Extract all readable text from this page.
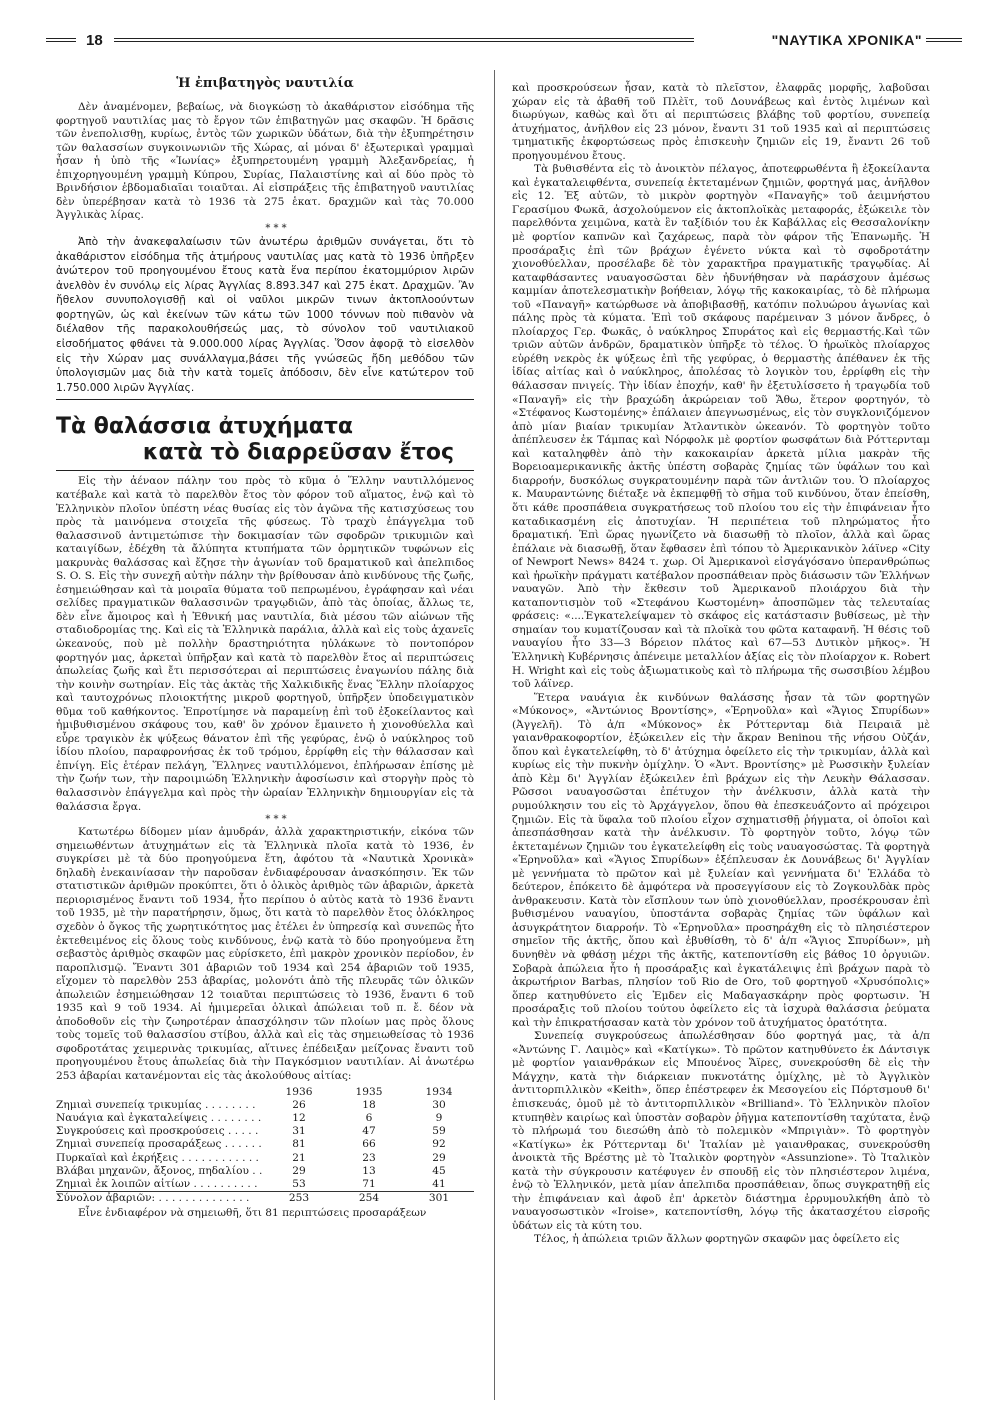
18	"ΝΑΥΤΙΚΑ ΧΡΟΝΙΚΑ"
Ἡ ἐπιβατηγὸς ναυτιλία

Δὲν ἀναμένομεν, βεβαίως, νὰ διογκώσῃ τὸ ἀκαθάριστον εἰσόδημα τῆς φορτηγοῦ ναυτιλίας μας τὸ ἔργον τῶν ἐπιβατηγῶν μας σκαφῶν. Ἡ δρᾶσις τῶν ἐνεπολισθῃ, κυρίως, ἐντὸς τῶν χωρικῶν ὑδάτων, διὰ τὴν ἐξυπηρέτησιν τῶν θαλασσίων συγκοινωνιῶν τῆς Χώρας, αἱ μόναι δ' ἐξωτερικαὶ γραμμαὶ ἦσαν ἡ ὑπὸ τῆς «Ἰωνίας» ἐξυπηρετουμένη γραμμὴ Ἀλεξανδρείας, ἡ ἐπιχορηγουμένη γραμμὴ Κύπρου, Συρίας, Παλαιστίνης καὶ αἱ δύο πρὸς τὸ Βρινδήσιον ἑβδομαδιαῖαι τοιαῦται. Αἱ εἰσπράξεις τῆς ἐπιβατηγοῦ ναυτιλίας δὲν ὑπερέβησαν κατὰ τὸ 1936 τὰ 275 ἑκατ. δραχμῶν καὶ τὰς 70.000 Ἀγγλικὰς λίρας.

* * *

Ἀπὸ τὴν ἀνακεφαλαίωσιν τῶν ἀνωτέρω ἀριθμῶν συνάγεται, ὅτι τὸ ἀκαθάριστον εἰσόδημα τῆς ἀτμήρους ναυτιλίας μας κατὰ τὸ 1936 ὑπῆρξεν ἀνώτερον τοῦ προηγουμένου ἔτους κατὰ ἕνα περίπου ἑκατομμύριον λιρῶν ἀνελθὸν ἐν συνόλῳ εἰς λίρας Ἀγγλίας 8.893.347 καὶ 275 ἑκατ. Δραχμῶν. Ἂν ἤθελον συνυπολογισθῇ καὶ οἱ ναῦλοι μικρῶν τινων ἀκτοπλοούντων φορτηγῶν, ὡς καὶ ἐκείνων τῶν κάτω τῶν 1000 τόννων ποὺ πιθανὸν νὰ διέλαθον τῆς παρακολουθήσεώς μας, τὸ σύνολον τοῦ ναυτιλιακοῦ εἰσοδήματος φθάνει τὰ 9.000.000 λίρας Ἀγγλίας. Ὅσον ἀφορᾷ τὸ εἰσελθὸν εἰς τὴν Χώραν μας συνάλλαγμα,βάσει τῆς γνώσεῶς ἤδη μεθόδου τῶν ὑπολογισμῶν μας διὰ τὴν κατὰ τομεῖς ἀπόδοσιν, δὲν εἶνε κατώτερον τοῦ 1.750.000 λιρῶν Ἀγγλίας.

Τὰ θαλάσσια ἀτυχήματα
κατὰ τὸ διαρρεῦσαν ἔτος

Εἰς τὴν ἀέναον πάλην του πρὸς τὸ κῦμα ὁ Ἕλλην ναυτιλλόμενος κατέβαλε καὶ κατὰ τὸ παρελθὸν ἔτος τὸν φόρον τοῦ αἵματος, ἐνῷ καὶ τὸ Ἑλληνικὸν πλοῖον ὑπέστη νέας θυσίας εἰς τὸν ἀγῶνα τῆς κατισχύσεως του πρὸς τὰ μαινόμενα στοιχεῖα τῆς φύσεως. Τὸ τραχὺ ἐπάγγελμα τοῦ θαλασσινοῦ ἀντιμετώπισε τὴν δοκιμασίαν τῶν σφοδρῶν τρικυμιῶν καὶ καταιγίδων, ἐδέχθη τὰ ἄλύπητα κτυπήματα τῶν ὁρμητικῶν τυφώνων εἰς μακρυνὰς θαλάσσας καὶ ἔζησε τὴν ἀγωνίαν τοῦ δραματικοῦ καὶ ἀπελπιδος S. O. S. Εἰς τὴν συνεχῆ αὐτὴν πάλην τὴν βρίθουσαν ἀπὸ κινδύνους τῆς ζωῆς, ἐσημειώθησαν καὶ τὰ μοιραῖα θύματα τοῦ πεπρωμένου, ἐγράφησαν καὶ νέαι σελίδες πραγματικῶν θαλασσινῶν τραγῳδιῶν, ἀπὸ τὰς ὁποίας, ἄλλως τε, δὲν εἶνε ἄμοιρος καὶ ἡ Ἐθνική μας ναυτιλία, διὰ μέσου τῶν αἰώνων τῆς σταδιοδρομίας της. Καὶ εἰς τὰ Ἑλληνικὰ παράλια, ἀλλὰ καὶ εἰς τοὺς ἀχανεῖς ὠκεανούς, ποὺ μὲ πολλὴν δραστηριότητα ηὐλάκωνε τὸ ποντοπόρον φορτηγόν μας, ἀρκεταὶ ὑπῆρξαν καὶ κατὰ τὸ παρελθὸν ἔτος αἱ περιπτώσεις ἀπωλείας ζωῆς καὶ ἔτι περισσότεραι αἱ περιπτώσεις ἐναγωνίου πάλης διὰ τὴν κοινὴν σωτηρίαν. Εἰς τὰς ἀκτὰς τῆς Χαλκιδικῆς ἕνας Ἕλλην πλοίαρχος καὶ ταυτοχρόνως πλοιοκτήτης μικροῦ φορτηγοῦ, ὑπῆρξεν ὑποδειγματικὸν θῦμα τοῦ καθήκοντος. Ἐπροτίμησε νὰ παραμείνῃ ἐπὶ τοῦ ἐξοκείλαντος καὶ ἡμιβυθισμένου σκάφους του, καθ' ὃν χρόνον ἔμαινετο ἡ χιονοθύελλα καὶ εὗρε τραγικὸν ἐκ ψύξεως θάνατον ἐπὶ τῆς γεφύρας, ἐνῷ ὁ ναύκληρος τοῦ ἰδίου πλοίου, παραφρονήσας ἐκ τοῦ τρόμου, ἐρρίφθη εἰς τὴν θάλασσαν καὶ ἐπνίγη. Εἰς ἑτέραν πελάγη, Ἕλληνες ναυτιλλόμενοι, ἐπλήρωσαν ἐπίσης μὲ τὴν ζωήν των, τὴν παροιμιώδη Ἑλληνικὴν ἀφοσίωσιν καὶ στοργὴν πρὸς τὸ θαλασσινὸν ἐπάγγελμα καὶ πρὸς τὴν ὡραίαν Ἑλληνικὴν δημιουργίαν εἰς τὰ θαλάσσια ἔργα.

* * *

Κατωτέρω δίδομεν μίαν ἀμυδράν, ἀλλὰ χαρακτηριστικήν, εἰκόνα τῶν σημειωθέντων ἀτυχημάτων εἰς τὰ Ἑλληνικὰ πλοῖα κατὰ τὸ 1936, ἐν συγκρίσει μὲ τὰ δύο προηγούμενα ἔτη, ἀφότου τὰ «Ναυτικὰ Χρονικὰ» δηλαδὴ ἐνεκαινίασαν τὴν παροῦσαν ἐνδιαφέρουσαν ἀνασκόπησιν. Ἐκ τῶν στατιστικῶν ἀριθμῶν προκύπτει, ὅτι ὁ ὁλικὸς ἀριθμὸς τῶν ἀβαριῶν, ἀρκετὰ περιορισμένος ἔναντι τοῦ 1934, ἦτο περίπου ὁ αὐτὸς κατὰ τὸ 1936 ἔναντι τοῦ 1935, μὲ τὴν παρατήρησιν, ὅμως, ὅτι κατὰ τὸ παρελθὸν ἔτος ὁλόκληρος σχεδὸν ὁ ὄγκος τῆς χωρητικότητος μας ἐτέλει ἐν ὑπηρεσίᾳ καὶ συνεπῶς ἦτο ἐκτεθειμένος εἰς ὅλους τοὺς κινδύνους, ἐνῷ κατὰ τὸ δύο προηγούμενα ἔτη σεβαστὸς ἀριθμὸς σκαφῶν μας εὑρίσκετο, ἐπὶ μακρὸν χρονικὸν περίοδον, ἐν παροπλισμῷ. Ἔναντι 301 ἀβαριῶν τοῦ 1934 καὶ 254 ἀβαριῶν τοῦ 1935, εἴχομεν τὸ παρελθὸν 253 ἀβαρίας, μολονότι ἀπὸ τῆς πλευρᾶς τῶν ὁλικῶν ἀπωλειῶν ἐσημειώθησαν 12 τοιαῦται περιπτώσεις τὸ 1936, ἔναντι 6 τοῦ 1935 καὶ 9 τοῦ 1934. Αἱ ἡμιμερεῖαι ὁλικαὶ ἀπώλειαι τοῦ π. ἔ. δέον νὰ ἀποδοθοῦν εἰς τὴν ζωηροτέραν ἀπασχόλησιν τῶν πλοίων μας πρὸς ὅλους τοὺς τομεῖς τοῦ θαλασσίου στίβου, ἀλλὰ καὶ εἰς τὰς σημειωθείσας τὸ 1936 σφοδροτάτας χειμερινὰς τρικυμίας, αἵτινες ἐπέδειξαν μείζονας ἔναντι τοῦ προηγουμένου ἔτους ἀπωλείας διὰ τὴν Παγκόσμιον ναυτιλίαν. Αἱ ἀνωτέρω 253 ἀβαρίαι κατανέμονται εἰς τὰς ἀκολούθους αἰτίας:

	1936	1935	1934
Ζημιαὶ συνεπείᾳ τρικυμίας . . . . . . . .	26	18	30
Ναυάγια καὶ ἐγκαταλείψεις . . . . . . . .	12	6	9
Συγκρούσεις καὶ προσκρούσεις . . . . .	31	47	59
Ζημιαὶ συνεπείᾳ προσαράξεως . . . . . .	81	66	92
Πυρκαϊαὶ καὶ ἐκρήξεις . . . . . . . . . . . .	21	23	29
Βλάβαι μηχανῶν, ἄξονος, πηδαλίου . .	29	13	45
Ζημιαὶ ἐκ λοιπῶν αἰτίων . . . . . . . . . .	53	71	41
Σύνολον ἀβαριῶν: . . . . . . . . . . . . . .	253	254	301

Εἶνε ἐνδιαφέρον νὰ σημειωθῆ, ὅτι 81 περιπτώσεις προσαράξεων

καὶ προσκρούσεων ἦσαν, κατὰ τὸ πλεῖστον, ἐλαφρᾶς μορφῆς, λαβοῦσαι χώραν εἰς τὰ ἀβαθῆ τοῦ Πλὲϊτ, τοῦ Δουνάβεως καὶ ἐντὸς λιμένων καὶ διωρύγων, καθὼς καὶ ὅτι αἱ περιπτώσεις βλάβης τοῦ φορτίου, συνεπείᾳ ἀτυχήματος, ἀνῆλθον εἰς 23 μόνον, ἔναντι 31 τοῦ 1935 καὶ αἱ περιπτώσεις τμηματικῆς ἐκφορτώσεως πρὸς ἐπισκευὴν ζημιῶν εἰς 19, ἔναντι 26 τοῦ προηγουμένου ἔτους.

Τὰ βυθισθέντα εἰς τὸ ἀνοικτὸν πέλαγος, ἀποτεφρωθέντα ἢ ἐξοκείλαντα καὶ ἐγκαταλειφθέντα, συνεπείᾳ ἐκτεταμένων ζημιῶν, φορτηγά μας, ἀνῆλθον εἰς 12. Ἐξ αὐτῶν, τὸ μικρὸν φορτηγὸν «Παναγῆς» τοῦ ἀειμνήστου Γερασίμου Φωκᾶ, ἀσχολούμενον εἰς ἀκτοπλοϊκὰς μεταφοράς, ἐξώκειλε τὸν παρελθόντα χειμῶνα, κατὰ ἓν ταξίδιόν του ἐκ Καβάλλας εἰς Θεσσαλονίκην μὲ φορτίον καπνῶν καὶ ζαχάρεως, παρὰ τὸν φάρον τῆς Ἐπανωμῆς. Ἡ προσάραξις ἐπὶ τῶν βράχων ἐγένετο νύκτα καὶ τὸ σφοδροτάτην χιονοθύελλαν, προσέλαβε δὲ τὸν χαρακτῆρα πραγματικῆς τραγῳδίας. Αἱ καταφθάσαντες ναυαγοσῶσται δὲν ἠδυνήθησαν νὰ παράσχουν ἀμέσως καμμίαν ἀποτελεσματικὴν βοήθειαν, λόγῳ τῆς κακοκαιρίας, τὸ δὲ πλήρωμα τοῦ «Παναγῆ» κατώρθωσε νὰ ἀποβιβασθῇ, κατόπιν πολυώρου ἀγωνίας καὶ πάλης πρὸς τὰ κύματα. Ἐπὶ τοῦ σκάφους παρέμειναν 3 μόνον ἄνδρες, ὁ πλοίαρχος Γερ. Φωκᾶς, ὁ ναύκληρος Σπυράτος καὶ εἰς θερμαστής.Καὶ τῶν τριῶν αὐτῶν ἀνδρῶν, δραματικὸν ὑπῆρξε τὸ τέλος. Ὁ ἡρωϊκὸς πλοίαρχος εὑρέθη νεκρὸς ἐκ ψύξεως ἐπὶ τῆς γεφύρας, ὁ θερμαστὴς ἀπέθανεν ἐκ τῆς ἰδίας αἰτίας καὶ ὁ ναύκληρος, ἀπολέσας τὸ λογικὸν του, ἐρρίφθη εἰς τὴν θάλασσαν πνιγείς. Τὴν ἰδίαν ἐποχήν, καθ' ἣν ἐξετυλίσσετο ἡ τραγῳδία τοῦ «Παναγῆ» εἰς τὴν βραχώδη ἀκρώρειαν τοῦ Ἄθω, ἕτερον φορτηγόν, τὸ «Στέφανος Κωστομένης» ἐπάλαιεν ἀπεγνωσμένως, εἰς τὸν συγκλονιζόμενον ἀπὸ μίαν βιαίαν τρικυμίαν Ἀτλαντικὸν ὠκεανόν. Τὸ φορτηγὸν τοῦτο ἀπέπλευσεν ἐκ Τάμπας καὶ Νόρφολκ μὲ φορτίον φωσφάτων διὰ Ρόττερνταμ καὶ καταληφθὲν ἀπὸ τὴν κακοκαιρίαν ἀρκετὰ μίλια μακρὰν τῆς Βορειοαμερικανικῆς ἀκτῆς ὑπέστη σοβαρὰς ζημίας τῶν ὑφάλων του καὶ διαρροήν, δυσκόλως συγκρατουμένην παρὰ τῶν ἀντλιῶν του. Ὁ πλοίαρχος κ. Μαυραντώνης διέταξε νὰ ἐκπεμφθῇ τὸ σῆμα τοῦ κινδύνου, ὅταν ἐπείσθη, ὅτι κάθε προσπάθεια συγκρατήσεως τοῦ πλοίου του εἰς τὴν ἐπιφάνειαν ἦτο καταδικασμένη εἰς ἀποτυχίαν. Ἡ περιπέτεια τοῦ πληρώματος ἦτο δραματική. Ἐπὶ ὥρας ηγωνίζετο νὰ διασωθῇ τὸ πλοῖον, ἀλλὰ καὶ ὥρας ἐπάλαιε νὰ διασωθῇ, ὅταν ἔφθασεν ἐπὶ τόπου τὸ Ἀμερικανικὸν λάϊνερ «City of Newport News» 8424 τ. χωρ. Οἱ Ἀμερικανοὶ εἰσγάγόσανο ὑπερανθρώπως καὶ ἡρωϊκὴν πράγματι κατέβαλον προσπάθειαν πρὸς διάσωσιν τῶν Ἑλλήνων ναυαγῶν. Ἀπὸ τὴν ἔκθεσιν τοῦ Ἀμερικανοῦ πλοιάρχου διὰ τὴν καταποντισμὸν τοῦ «Στεφάνου Κωστομένη» ἀποσπῶμεν τὰς τελευταίας φράσεις: «....Ἐγκατελείψαμεν τὸ σκάφος εἰς κατάστασιν βυθίσεως, μὲ τὴν σημαίαν του κυματίζουσαν καὶ τὰ πλοϊκὰ του φῶτα καταφανῆ. Ἡ θέσις τοῦ ναυαγίου ἦτο 33—3 Βόρειον πλάτος καὶ 67—53 Δυτικὸν μῆκος». Ἡ Ἑλληνικὴ Κυβέρνησις ἀπένειμε μεταλλίον ἀξίας εἰς τὸν πλοίαρχον κ. Robert H. Wright καὶ εἰς τοὺς ἀξιωματικοὺς καὶ τὸ πλήρωμα τῆς σωσσιβίου λέμβου τοῦ λάϊνερ.

Ἕτερα ναυάγια ἐκ κινδύνων θαλάσσης ἦσαν τὰ τῶν φορτηγῶν «Μύκονος», «Ἀντώνιος Βροντίσης», «Ἐρηνοῦλα» καὶ «Ἅγιος Σπυρίδων» (Ἀγγελῆ). Τὸ ἀ/π «Μύκονος» ἐκ Ρόττερνταμ διὰ Πειραιᾶ μὲ γαιανθρακοφορτίον, ἐξώκειλεν εἰς τὴν ἄκραν Beninou τῆς νήσου Οὐζάν, ὅπου καὶ ἐγκατελείφθη, τὸ δ' ἀτύχημα ὀφείλετο εἰς τὴν τρικυμίαν, ἀλλὰ καὶ κυρίως εἰς τὴν πυκνὴν ὁμίχλην. Ὁ «Ἀντ. Βροντίσης» μὲ Ρωσσικὴν ξυλείαν ἀπὸ Κὲμ δι' Ἀγγλίαν ἐξώκειλεν ἐπὶ βράχων εἰς τὴν Λευκὴν Θάλασσαν. Ρῶσσοι ναυαγοσῶσται ἐπέτυχον τὴν ἀνέλκυσιν, ἀλλὰ κατὰ τὴν ρυμούλκησιν του εἰς τὸ Ἀρχάγγελον, ὅπου θὰ ἐπεσκευάζοντο αἱ πρόχειροι ζημιῶν. Εἰς τὰ ὕφαλα τοῦ πλοίου εἶχον σχηματισθῇ ῥήγματα, οἱ ὁποῖοι καὶ ἀπεσπάσθησαν κατὰ τὴν ἀνέλκυσιν. Τὸ φορτηγὸν τοῦτο, λόγῳ τῶν ἐκτεταμένων ζημιῶν του ἐγκατελείφθη εἰς τοὺς ναυαγοσώστας. Τὰ φορτηγὰ «Ἐρηνοῦλα» καὶ «Ἅγιος Σπυρίδων» ἐξέπλευσαν ἐκ Δουνάβεως δι' Ἀγγλίαν μὲ γεννήματα τὸ πρῶτον καὶ μὲ ξυλείαν καὶ γεννήματα δι' Ἑλλάδα τὸ δεύτερον, ἐπόκειτο δὲ ἀμφότερα νὰ προσεγγίσουν εἰς τὸ Ζογκουλδὰκ πρὸς ἀνθρακευσιν. Κατὰ τὸν εἴσπλουν των ὑπὸ χιονοθύελλαν, προσέκρουσαν ἐπὶ βυθισμένου ναυαγίου, ὑποστάντα σοβαρὰς ζημίας τῶν ὑφάλων καὶ ἀσυγκράτητον διαρροήν. Τὸ «Ἐρηνοῦλα» προσηράχθη εἰς τὸ πλησιέστερον σημεῖον τῆς ἀκτῆς, ὅπου καὶ ἐβυθίσθη, τὸ δ' ἀ/π «Ἅγιος Σπυρίδων», μὴ δυνηθὲν νὰ φθάσῃ μέχρι τῆς ἀκτῆς, κατεποντίσθη εἰς βάθος 10 ὀργυιῶν. Σοβαρὰ ἀπώλεια ἦτο ἡ προσάραξις καὶ ἐγκατάλειψις ἐπὶ βράχων παρὰ τὸ ἀκρωτήριον Barbas, πλησίον τοῦ Rio de Oro, τοῦ φορτηγοῦ «Χρυσόπολις» ὅπερ κατηυθύνετο εἰς Ἐμδεν εἰς Μαδαγασκάρην πρὸς φορτωσιν. Ἡ προσάραξις τοῦ πλοίου τούτου ὀφείλετο εἰς τὰ ἰσχυρὰ θαλάσσια ῥεύματα καὶ τὴν ἐπικρατήσασαν κατὰ τὸν χρόνον τοῦ ἀτυχήματος ὁρατότητα.

Συνεπείᾳ συγκρούσεως ἀπωλέσθησαν δύο φορτηγά μας, τὰ ἀ/π «Ἀντώνης Γ. Λαιμὸς» καὶ «Κατίγκω». Τὸ πρῶτον κατηυθύνετο ἐκ Δάντσιγκ μὲ φορτίον γαιανθράκων εἰς Μπουένος Ἄϊρες, συνεκρούσθη δὲ εἰς τὴν Μάγχην, κατὰ τὴν διάρκειαν πυκνοτάτης ὁμίχλης, μὲ τὸ Ἀγγλικὸν ἀντιτορπιλλικὸν «Keith», ὅπερ ἐπέστρεφεν ἐκ Μεσογείου εἰς Πόρτσμουθ δι' ἐπισκευάς, ὁμοῦ μὲ τὸ ἀντιτορπιλλικὸν «Brilliand». Τὸ Ἑλληνικὸν πλοῖον κτυπηθὲν καιρίως καὶ ὑποστὰν σοβαρὸν ῥῆγμα κατεποντίσθη ταχύτατα, ἐνῷ τὸ πλήρωμά του διεσώθη ἀπὸ τὸ πολεμικὸν «Μπριγιὰν». Τὸ φορτηγὸν «Κατίγκω» ἐκ Ρόττερνταμ δι' Ἰταλίαν μὲ γαιανθρακας, συνεκρούσθη ἀνοικτὰ τῆς Βρέστης μὲ τὸ Ἰταλικὸν φορτηγὸν «Assunzione». Τὸ Ἰταλικὸν κατὰ τὴν σύγκρουσιν κατέφυγεν ἐν σπουδῇ εἰς τὸν πλησιέστερον λιμένα, ἐνῷ τὸ Ἑλληνικόν, μετὰ μίαν ἀπελπιδα προσπάθειαν, ὅπως συγκρατηθῇ εἰς τὴν ἐπιφάνειαν καὶ ἀφοῦ ἐπ' ἀρκετὸν διάστημα ἐρρυμουλκήθη ἀπὸ τὸ ναυαγοσωστικὸν «Iroise», κατεποντίσθη, λόγῳ τῆς ἀκατασχέτου εἰσροῆς ὑδάτων εἰς τὰ κύτη του.

Τέλος, ἡ ἀπώλεια τριῶν ἄλλων φορτηγῶν σκαφῶν μας ὀφείλετο εἰς
